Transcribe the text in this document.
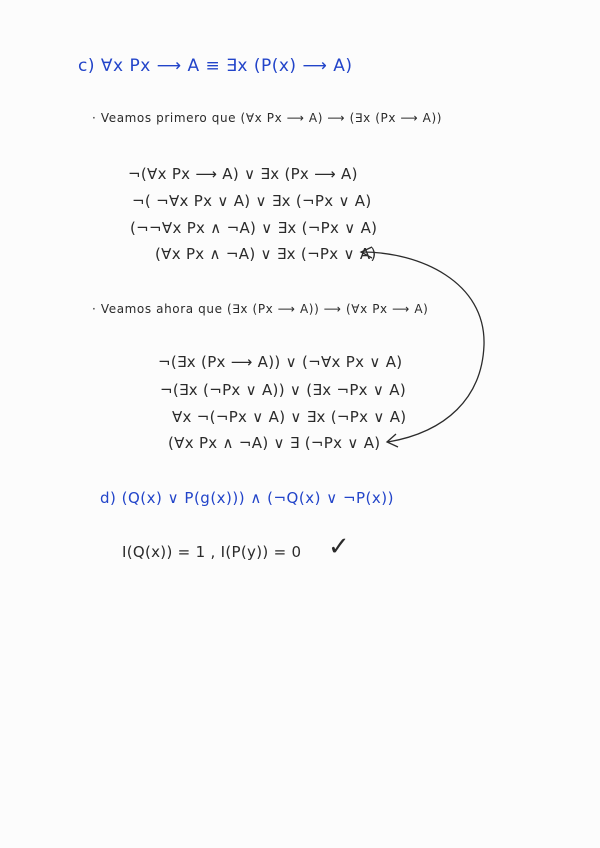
c) ∀x Px ⟶ A ≡ ∃x (P(x) ⟶ A)
· Veamos primero que (∀x Px ⟶ A) ⟶ (∃x (Px ⟶ A))
¬(∀x Px ⟶ A) ∨ ∃x (Px ⟶ A)
¬( ¬∀x Px ∨ A) ∨ ∃x (¬Px ∨ A)
(¬¬∀x Px ∧ ¬A) ∨ ∃x (¬Px ∨ A)
(∀x Px ∧ ¬A) ∨ ∃x (¬Px ∨ A)
· Veamos ahora que (∃x (Px ⟶ A)) ⟶ (∀x Px ⟶ A)
¬(∃x (Px ⟶ A)) ∨ (¬∀x Px ∨ A)
¬(∃x (¬Px ∨ A)) ∨ (∃x ¬Px ∨ A)
∀x ¬(¬Px ∨ A) ∨ ∃x (¬Px ∨ A)
(∀x Px ∧ ¬A) ∨ ∃ (¬Px ∨ A)
d) (Q(x) ∨ P(g(x))) ∧ (¬Q(x) ∨ ¬P(x))
I(Q(x)) = 1 , I(P(y)) = 0 ✓
